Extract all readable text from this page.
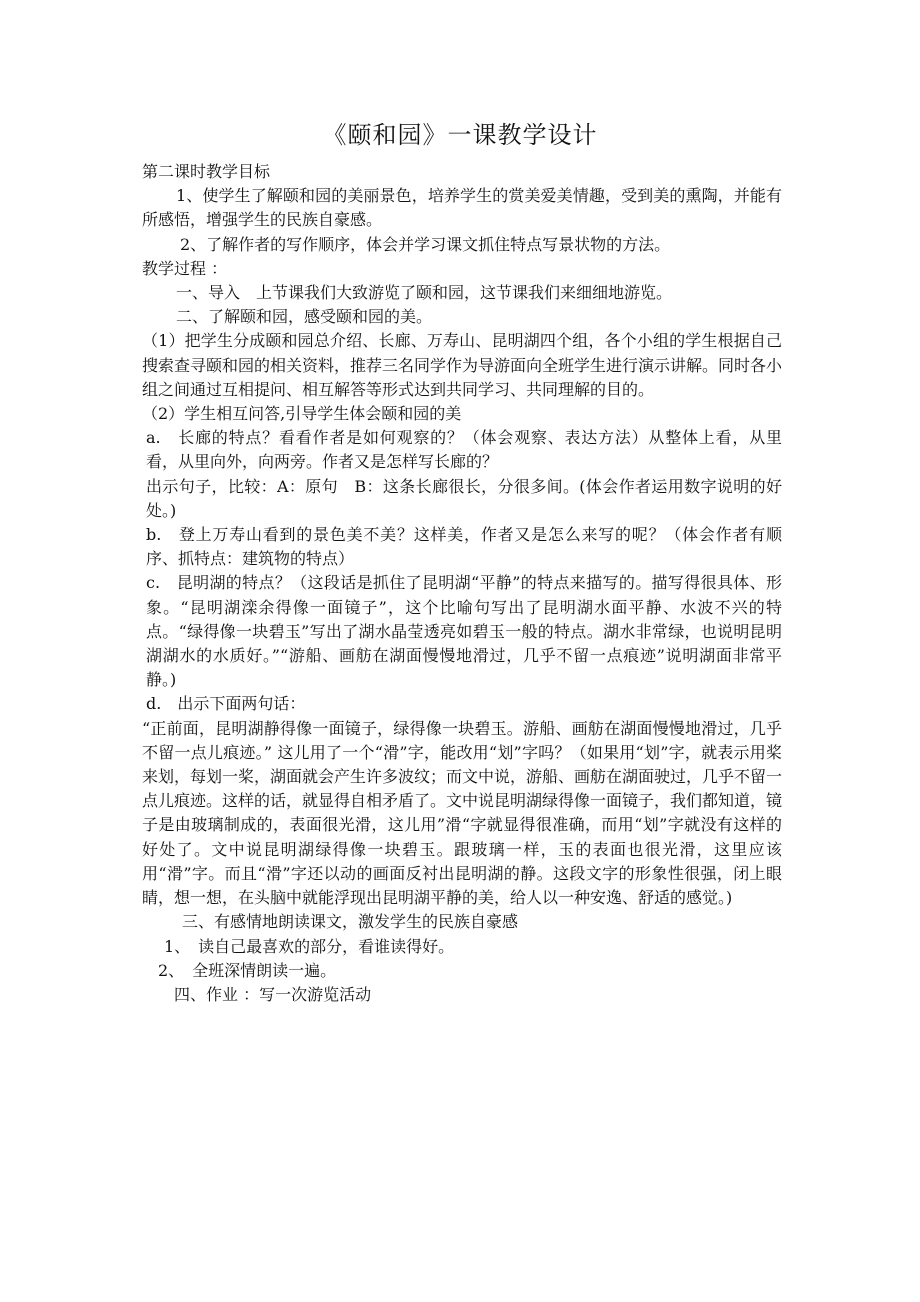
《颐和园》一课教学设计

第二课时教学目标

1、使学生了解颐和园的美丽景色，培养学生的赏美爱美情趣，受到美的熏陶，并能有所感悟，增强学生的民族自豪感。

2、了解作者的写作顺序，体会并学习课文抓住特点写景状物的方法。

教学过程 ：

一、导入　上节课我们大致游览了颐和园，这节课我们来细细地游览。

二、了解颐和园，感受颐和园的美。

（1）把学生分成颐和园总介绍、长廊、万寿山、昆明湖四个组，各个小组的学生根据自己搜索查寻颐和园的相关资料，推荐三名同学作为导游面向全班学生进行演示讲解。同时各小组之间通过互相提问、相互解答等形式达到共同学习、共同理解的目的。

（2）学生相互问答,引导学生体会颐和园的美

a.　长廊的特点？看看作者是如何观察的？（体会观察、表达方法）从整体上看，从里看，从里向外，向两旁。作者又是怎样写长廊的？

出示句子，比较：A：原句　B：这条长廊很长，分很多间。(体会作者运用数字说明的好处。)

b.　登上万寿山看到的景色美不美？这样美，作者又是怎么来写的呢？（体会作者有顺序、抓特点：建筑物的特点）

c.　昆明湖的特点？（这段话是抓住了昆明湖“平静”的特点来描写的。描写得很具体、形象。“昆明湖滦余得像一面镜子”，这个比喻句写出了昆明湖水面平静、水波不兴的特点。“绿得像一块碧玉”写出了湖水晶莹透亮如碧玉一般的特点。湖水非常绿，也说明昆明湖湖水的水质好。”“游船、画舫在湖面慢慢地滑过，几乎不留一点痕迹”说明湖面非常平静。)

d.　出示下面两句话：

“正前面，昆明湖静得像一面镜子，绿得像一块碧玉。游船、画舫在湖面慢慢地滑过，几乎不留一点儿痕迹。” 这儿用了一个“滑”字，能改用“划”字吗？（如果用“划”字，就表示用桨来划，每划一桨，湖面就会产生许多波纹；而文中说，游船、画舫在湖面驶过，几乎不留一点儿痕迹。这样的话，就显得自相矛盾了。文中说昆明湖绿得像一面镜子，我们都知道，镜子是由玻璃制成的，表面很光滑，这儿用”滑“字就显得很准确，而用“划”字就没有这样的好处了。文中说昆明湖绿得像一块碧玉。跟玻璃一样，玉的表面也很光滑，这里应该用“滑”字。而且“滑”字还以动的画面反衬出昆明湖的静。这段文字的形象性很强，闭上眼睛，想一想，在头脑中就能浮现出昆明湖平静的美，给人以一种安逸、舒适的感觉。)

三、有感情地朗读课文，激发学生的民族自豪感

1、　读自己最喜欢的部分，看谁读得好。

2、　全班深情朗读一遍。

四、作业 ：写一次游览活动
